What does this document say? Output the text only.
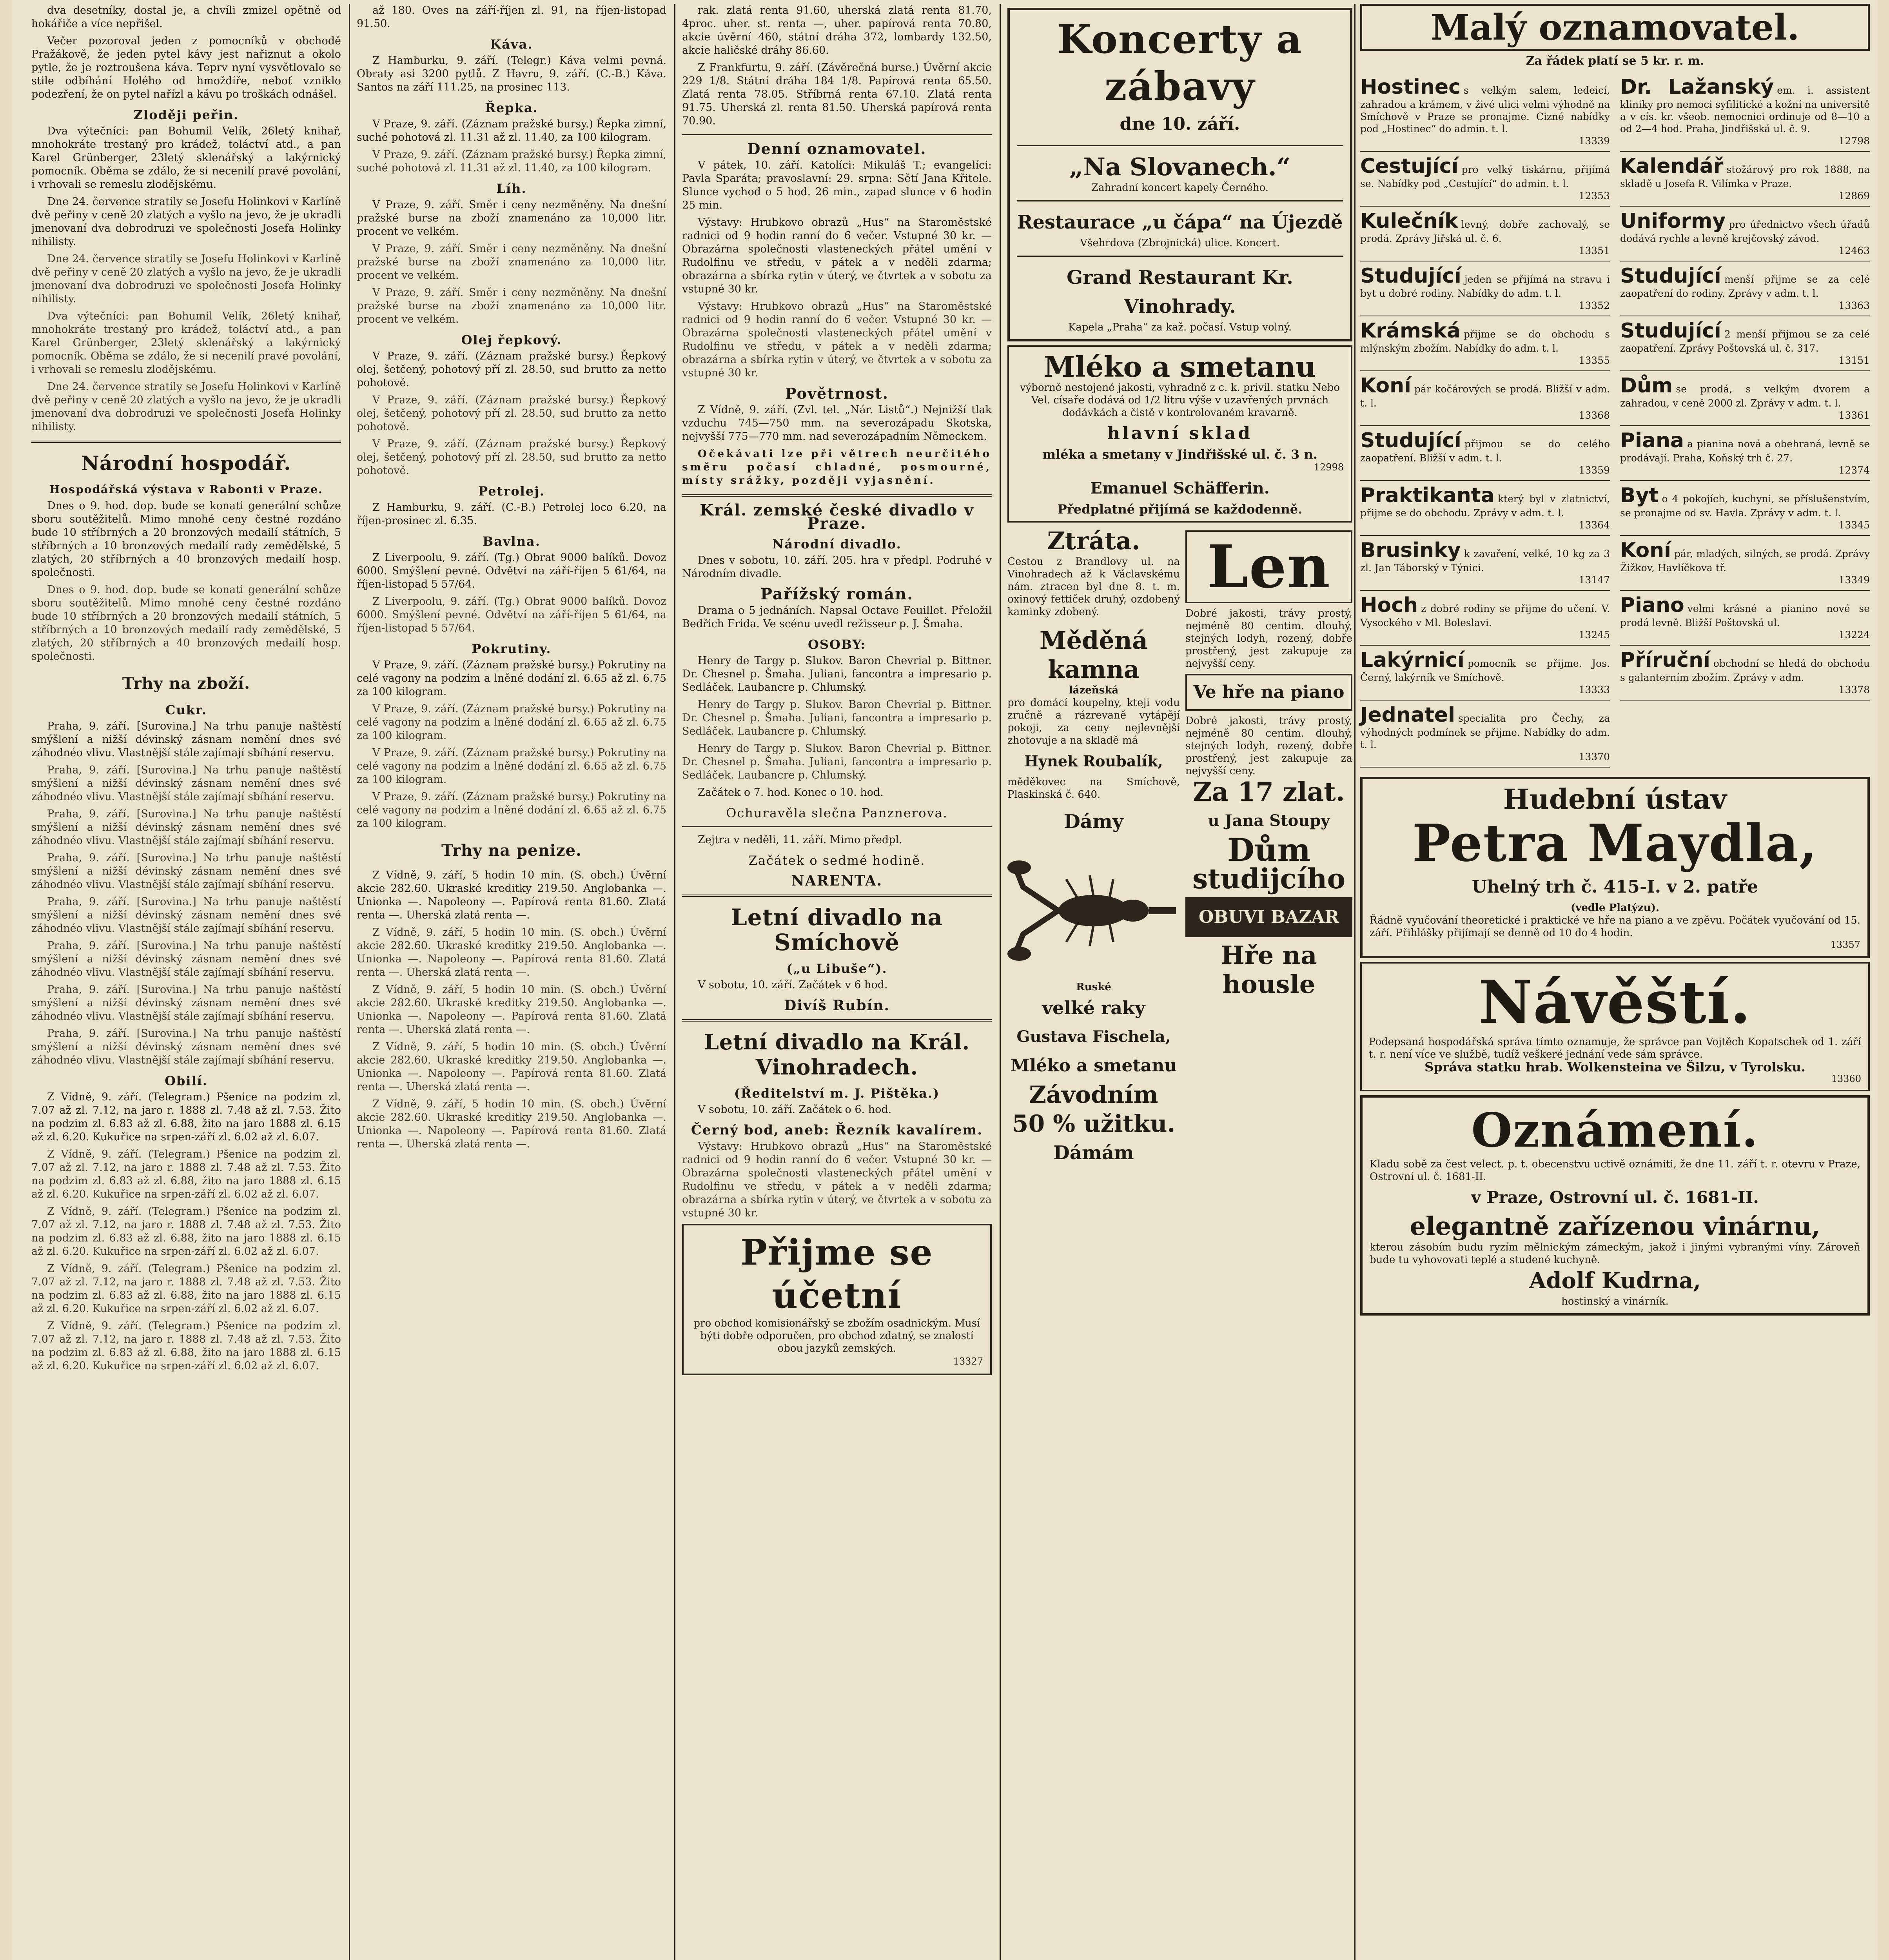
dva desetníky, dostal je, a chvíli zmizel opětně od hokářiče a více nepřišel.

Večer pozoroval jeden z pomocníků v obchodě Pražákově, že jeden pytel kávy jest nařiznut a okolo pytle, že je roztroušena káva. Teprv nyní vysvětlovalo se stile odbíhání Holého od hmoždíře, neboť vzniklo podezření, že on pytel nařízl a kávu po troškách odnášel.

Zloději peřin.

Dva výtečníci: pan Bohumil Velík, 26letý knihař, mnohokráte trestaný pro krádež, toláctví atd., a pan Karel Grünberger, 23letý sklenářský a lakýrnický pomocník. Oběma se zdálo, že si necenilí pravé povolání, i vrhovali se remeslu zlodějskému.

Dne 24. července stratily se Josefu Holinkovi v Karlíně dvě peřiny v ceně 20 zlatých a vyšlo na jevo, že je ukradli jmenovaní dva dobrodruzi ve společnosti Josefa Holinky nihilisty.

Dne 24. července stratily se Josefu Holinkovi v Karlíně dvě peřiny v ceně 20 zlatých a vyšlo na jevo, že je ukradli jmenovaní dva dobrodruzi ve společnosti Josefa Holinky nihilisty.

Dva výtečníci: pan Bohumil Velík, 26letý knihař, mnohokráte trestaný pro krádež, toláctví atd., a pan Karel Grünberger, 23letý sklenářský a lakýrnický pomocník. Oběma se zdálo, že si necenilí pravé povolání, i vrhovali se remeslu zlodějskému.

Dne 24. července stratily se Josefu Holinkovi v Karlíně dvě peřiny v ceně 20 zlatých a vyšlo na jevo, že je ukradli jmenovaní dva dobrodruzi ve společnosti Josefa Holinky nihilisty.

Národní hospodář.
Hospodářská výstava v Rabonti v Praze.

Dnes o 9. hod. dop. bude se konati generální schůze sboru soutěžitelů. Mimo mnohé ceny čestné rozdáno bude 10 stříbrných a 20 bronzových medailí státních, 5 stříbrných a 10 bronzových medailí rady zemědělské, 5 zlatých, 20 stříbrných a 40 bronzových medailí hosp. společnosti.

Dnes o 9. hod. dop. bude se konati generální schůze sboru soutěžitelů. Mimo mnohé ceny čestné rozdáno bude 10 stříbrných a 20 bronzových medailí státních, 5 stříbrných a 10 bronzových medailí rady zemědělské, 5 zlatých, 20 stříbrných a 40 bronzových medailí hosp. společnosti.

Trhy na zboží.
Cukr.

Praha, 9. září. [Surovina.] Na trhu panuje naštěstí smýšlení a nižší dévinský zásnam nemění dnes své záhodnéo vlivu. Vlastnější stále zajímají sbíhání reservu.

Praha, 9. září. [Surovina.] Na trhu panuje naštěstí smýšlení a nižší dévinský zásnam nemění dnes své záhodnéo vlivu. Vlastnější stále zajímají sbíhání reservu.

Praha, 9. září. [Surovina.] Na trhu panuje naštěstí smýšlení a nižší dévinský zásnam nemění dnes své záhodnéo vlivu. Vlastnější stále zajímají sbíhání reservu.

Praha, 9. září. [Surovina.] Na trhu panuje naštěstí smýšlení a nižší dévinský zásnam nemění dnes své záhodnéo vlivu. Vlastnější stále zajímají sbíhání reservu.

Praha, 9. září. [Surovina.] Na trhu panuje naštěstí smýšlení a nižší dévinský zásnam nemění dnes své záhodnéo vlivu. Vlastnější stále zajímají sbíhání reservu.

Praha, 9. září. [Surovina.] Na trhu panuje naštěstí smýšlení a nižší dévinský zásnam nemění dnes své záhodnéo vlivu. Vlastnější stále zajímají sbíhání reservu.

Praha, 9. září. [Surovina.] Na trhu panuje naštěstí smýšlení a nižší dévinský zásnam nemění dnes své záhodnéo vlivu. Vlastnější stále zajímají sbíhání reservu.

Praha, 9. září. [Surovina.] Na trhu panuje naštěstí smýšlení a nižší dévinský zásnam nemění dnes své záhodnéo vlivu. Vlastnější stále zajímají sbíhání reservu.

Obilí.

Z Vídně, 9. září. (Telegram.) Pšenice na podzim zl. 7.07 až zl. 7.12, na jaro r. 1888 zl. 7.48 až zl. 7.53. Žito na podzim zl. 6.83 až zl. 6.88, žito na jaro 1888 zl. 6.15 až zl. 6.20. Kukuřice na srpen-září zl. 6.02 až zl. 6.07.

Z Vídně, 9. září. (Telegram.) Pšenice na podzim zl. 7.07 až zl. 7.12, na jaro r. 1888 zl. 7.48 až zl. 7.53. Žito na podzim zl. 6.83 až zl. 6.88, žito na jaro 1888 zl. 6.15 až zl. 6.20. Kukuřice na srpen-září zl. 6.02 až zl. 6.07.

Z Vídně, 9. září. (Telegram.) Pšenice na podzim zl. 7.07 až zl. 7.12, na jaro r. 1888 zl. 7.48 až zl. 7.53. Žito na podzim zl. 6.83 až zl. 6.88, žito na jaro 1888 zl. 6.15 až zl. 6.20. Kukuřice na srpen-září zl. 6.02 až zl. 6.07.

Z Vídně, 9. září. (Telegram.) Pšenice na podzim zl. 7.07 až zl. 7.12, na jaro r. 1888 zl. 7.48 až zl. 7.53. Žito na podzim zl. 6.83 až zl. 6.88, žito na jaro 1888 zl. 6.15 až zl. 6.20. Kukuřice na srpen-září zl. 6.02 až zl. 6.07.

Z Vídně, 9. září. (Telegram.) Pšenice na podzim zl. 7.07 až zl. 7.12, na jaro r. 1888 zl. 7.48 až zl. 7.53. Žito na podzim zl. 6.83 až zl. 6.88, žito na jaro 1888 zl. 6.15 až zl. 6.20. Kukuřice na srpen-září zl. 6.02 až zl. 6.07.

až 180. Oves na září-říjen zl. 91, na říjen-listopad 91.50.

Káva.

Z Hamburku, 9. září. (Telegr.) Káva velmi pevná. Obraty asi 3200 pytlů. Z Havru, 9. září. (C.-B.) Káva. Santos na září 111.25, na prosinec 113.

Řepka.

V Praze, 9. září. (Záznam pražské bursy.) Řepka zimní, suché pohotová zl. 11.31 až zl. 11.40, za 100 kilogram.

V Praze, 9. září. (Záznam pražské bursy.) Řepka zimní, suché pohotová zl. 11.31 až zl. 11.40, za 100 kilogram.

Líh.

V Praze, 9. září. Směr i ceny nezměněny. Na dnešní pražské burse na zboží znamenáno za 10,000 litr. procent ve velkém.

V Praze, 9. září. Směr i ceny nezměněny. Na dnešní pražské burse na zboží znamenáno za 10,000 litr. procent ve velkém.

V Praze, 9. září. Směr i ceny nezměněny. Na dnešní pražské burse na zboží znamenáno za 10,000 litr. procent ve velkém.

Olej řepkový.

V Praze, 9. září. (Záznam pražské bursy.) Řepkový olej, šetčený, pohotový pří zl. 28.50, sud brutto za netto pohotově.

V Praze, 9. září. (Záznam pražské bursy.) Řepkový olej, šetčený, pohotový pří zl. 28.50, sud brutto za netto pohotově.

V Praze, 9. září. (Záznam pražské bursy.) Řepkový olej, šetčený, pohotový pří zl. 28.50, sud brutto za netto pohotově.

Petrolej.

Z Hamburku, 9. září. (C.-B.) Petrolej loco 6.20, na říjen-prosinec zl. 6.35.

Bavlna.

Z Liverpoolu, 9. září. (Tg.) Obrat 9000 balíků. Dovoz 6000. Smýšlení pevné. Odvětví na září-říjen 5 61/64, na říjen-listopad 5 57/64.

Z Liverpoolu, 9. září. (Tg.) Obrat 9000 balíků. Dovoz 6000. Smýšlení pevné. Odvětví na září-říjen 5 61/64, na říjen-listopad 5 57/64.

Pokrutiny.

V Praze, 9. září. (Záznam pražské bursy.) Pokrutiny na celé vagony na podzim a lněné dodání zl. 6.65 až zl. 6.75 za 100 kilogram.

V Praze, 9. září. (Záznam pražské bursy.) Pokrutiny na celé vagony na podzim a lněné dodání zl. 6.65 až zl. 6.75 za 100 kilogram.

V Praze, 9. září. (Záznam pražské bursy.) Pokrutiny na celé vagony na podzim a lněné dodání zl. 6.65 až zl. 6.75 za 100 kilogram.

V Praze, 9. září. (Záznam pražské bursy.) Pokrutiny na celé vagony na podzim a lněné dodání zl. 6.65 až zl. 6.75 za 100 kilogram.

Trhy na penize.

Z Vídně, 9. září, 5 hodin 10 min. (S. obch.) Úvěrní akcie 282.60. Ukraské kreditky 219.50. Anglobanka —. Unionka —. Napoleony —. Papírová renta 81.60. Zlatá renta —. Uherská zlatá renta —.

Z Vídně, 9. září, 5 hodin 10 min. (S. obch.) Úvěrní akcie 282.60. Ukraské kreditky 219.50. Anglobanka —. Unionka —. Napoleony —. Papírová renta 81.60. Zlatá renta —. Uherská zlatá renta —.

Z Vídně, 9. září, 5 hodin 10 min. (S. obch.) Úvěrní akcie 282.60. Ukraské kreditky 219.50. Anglobanka —. Unionka —. Napoleony —. Papírová renta 81.60. Zlatá renta —. Uherská zlatá renta —.

Z Vídně, 9. září, 5 hodin 10 min. (S. obch.) Úvěrní akcie 282.60. Ukraské kreditky 219.50. Anglobanka —. Unionka —. Napoleony —. Papírová renta 81.60. Zlatá renta —. Uherská zlatá renta —.

Z Vídně, 9. září, 5 hodin 10 min. (S. obch.) Úvěrní akcie 282.60. Ukraské kreditky 219.50. Anglobanka —. Unionka —. Napoleony —. Papírová renta 81.60. Zlatá renta —. Uherská zlatá renta —.

rak. zlatá renta 91.60, uherská zlatá renta 81.70, 4proc. uher. st. renta —, uher. papírová renta 70.80, akcie úvěrní 460, státní dráha 372, lombardy 132.50, akcie haličské dráhy 86.60.

Z Frankfurtu, 9. září. (Závěrečná burse.) Úvěrní akcie 229 1/8. Státní dráha 184 1/8. Papírová renta 65.50. Zlatá renta 78.05. Stříbrná renta 67.10. Zlatá renta 91.75. Uherská zl. renta 81.50. Uherská papírová renta 70.90.

Denní oznamovatel.

V pátek, 10. září. Katolíci: Mikuláš T.; evangelíci: Pavla Sparáta; pravoslavní: 29. srpna: Sětí Jana Křitele. Slunce vychod o 5 hod. 26 min., zapad slunce v 6 hodin 25 min.

Výstavy: Hrubkovo obrazů „Hus“ na Staroměstské radnici od 9 hodin ranní do 6 večer. Vstupné 30 kr. — Obrazárna společnosti vlasteneckých přátel umění v Rudolfinu ve středu, v pátek a v neděli zdarma; obrazárna a sbírka rytin v úterý, ve čtvrtek a v sobotu za vstupné 30 kr.

Výstavy: Hrubkovo obrazů „Hus“ na Staroměstské radnici od 9 hodin ranní do 6 večer. Vstupné 30 kr. — Obrazárna společnosti vlasteneckých přátel umění v Rudolfinu ve středu, v pátek a v neděli zdarma; obrazárna a sbírka rytin v úterý, ve čtvrtek a v sobotu za vstupné 30 kr.

Povětrnost.

Z Vídně, 9. září. (Zvl. tel. „Nár. Listů“.) Nejnižší tlak vzduchu 745—750 mm. na severozápadu Skotska, nejvyšší 775—770 mm. nad severozápadním Německem.

Očekávati lze při větrech neurčitého směru počasí chladné, posmourné, místy srážky, později vyjasnění.

Král. zemské české divadlo v Praze.
Národní divadlo.

Dnes v sobotu, 10. září. 205. hra v předpl. Podruhé v Národním divadle.

Pařížský román.

Drama o 5 jednáních. Napsal Octave Feuillet. Přeložil Bedřich Frida. Ve scénu uvedl režisseur p. J. Šmaha.

OSOBY:

Henry de Targy p. Slukov. Baron Chevrial p. Bittner. Dr. Chesnel p. Šmaha. Juliani, fancontra a impresario p. Sedláček. Laubancre p. Chlumský.

Henry de Targy p. Slukov. Baron Chevrial p. Bittner. Dr. Chesnel p. Šmaha. Juliani, fancontra a impresario p. Sedláček. Laubancre p. Chlumský.

Henry de Targy p. Slukov. Baron Chevrial p. Bittner. Dr. Chesnel p. Šmaha. Juliani, fancontra a impresario p. Sedláček. Laubancre p. Chlumský.

Začátek o 7. hod. Konec o 10. hod.

Ochuravěla slečna Panznerova.

Zejtra v neděli, 11. září. Mimo předpl.

Začátek o sedmé hodině.
NARENTA.
Letní divadlo na Smíchově
(„u Libuše“).

V sobotu, 10. září. Začátek v 6 hod.

Divíš Rubín.
Letní divadlo na Král. Vinohradech.
(Ředitelství m. J. Pištěka.)

V sobotu, 10. září. Začátek o 6. hod.

Černý bod, aneb: Řezník kavalírem.

Výstavy: Hrubkovo obrazů „Hus“ na Staroměstské radnici od 9 hodin ranní do 6 večer. Vstupné 30 kr. — Obrazárna společnosti vlasteneckých přátel umění v Rudolfinu ve středu, v pátek a v neděli zdarma; obrazárna a sbírka rytin v úterý, ve čtvrtek a v sobotu za vstupné 30 kr.

Přijme se účetní
pro obchod komisionářský se zbožím osadnickým. Musí býti dobře odporučen, pro obchod zdatný, se znalostí obou jazyků zemských.
13327
Koncerty a zábavy
dne 10. září.
„Na Slovanech.“
Zahradní koncert kapely Černého.
Restaurace „u čápa“ na Újezdě
Všehrdova (Zbrojnická) ulice. Koncert.
Grand Restaurant Kr. Vinohrady.
Kapela „Praha“ za kaž. počasí. Vstup volný.
Mléko a smetanu
výborně nestojené jakosti, vyhradně z c. k. privil. statku Nebo Vel. císaře dodává od 1/2 litru výše v uzavřených prvnách dodávkách a čistě v kontrolovaném kravarně.
hlavní sklad
mléka a smetany v Jindřišské ul. č. 3 n.
12998
Emanuel Schäfferin.
Předplatné přijímá se každodenně.
Ztráta.
Cestou z Brandlovy ul. na Vinohradech až k Václavskému nám. ztracen byl dne 8. t. m. oxinový fettiček druhý, ozdobený kaminky zdobený.
Měděná kamna
lázeňská
pro domácí koupelny, kteji vodu zručně a rázrevaně vytápějí pokoji, za ceny nejlevnější zhotovuje a na skladě má
Hynek Roubalík,
měděkovec na Smíchově, Plaskinská č. 640.
Dámy
Ruské
velké raky
Gustava Fischela,
Mléko a smetanu
Závodním
50 % užitku.
Dámám
Len
Dobré jakosti, trávy prostý, nejméně 80 centim. dlouhý, stejných lodyh, rozený, dobře prostřený, jest zakupuje za nejvyšší ceny.
Ve hře na piano
Dobré jakosti, trávy prostý, nejméně 80 centim. dlouhý, stejných lodyh, rozený, dobře prostřený, jest zakupuje za nejvyšší ceny.
Za 17 zlat.
u Jana Stoupy
Dům
studijcího
OBUVI BAZAR
Hře na housle
Malý oznamovatel.
Za řádek platí se 5 kr. r. m.
Hostinec s velkým salem, ledeicí, zahradou a krámem, v živé ulici velmi výhodně na Smíchově v Praze se pronajme. Cizné nabídky pod „Hostinec“ do admin. t. l.
13339
Dr. Lažanský em. i. assistent kliniky pro nemoci syfilitické a kožní na universitě a v cís. kr. všeob. nemocnici ordinuje od 8—10 a od 2—4 hod. Praha, Jindřišská ul. č. 9.
12798
Cestující pro velký tiskárnu, přijímá se. Nabídky pod „Cestující“ do admin. t. l.
12353
Kalendář stožárový pro rok 1888, na skladě u Josefa R. Vilímka v Praze.
12869
Kulečník levný, dobře zachovalý, se prodá. Zprávy Jiřská ul. č. 6.
13351
Uniformy pro úřednictvo všech úřadů dodává rychle a levně krejčovský závod.
12463
Studující jeden se přijímá na stravu i byt u dobré rodiny. Nabídky do adm. t. l.
13352
Studující menší přijme se za celé zaopatření do rodiny. Zprávy v adm. t. l.
13363
Krámská přijme se do obchodu s mlýnským zbožím. Nabídky do adm. t. l.
13355
Studující 2 menší přijmou se za celé zaopatření. Zprávy Poštovská ul. č. 317.
13151
Koní pár kočárových se prodá. Bližší v adm. t. l.
13368
Dům se prodá, s velkým dvorem a zahradou, v ceně 2000 zl. Zprávy v adm. t. l.
13361
Studující přijmou se do celého zaopatření. Bližší v adm. t. l.
13359
Piana a pianina nová a obehraná, levně se prodávají. Praha, Koňský trh č. 27.
12374
Praktikanta který byl v zlatnictví, přijme se do obchodu. Zprávy v adm. t. l.
13364
Byt o 4 pokojích, kuchyni, se příslušenstvím, se pronajme od sv. Havla. Zprávy v adm. t. l.
13345
Brusinky k zavaření, velké, 10 kg za 3 zl. Jan Táborský v Týnici.
13147
Koní pár, mladých, silných, se prodá. Zprávy Žižkov, Havlíčkova tř.
13349
Hoch z dobré rodiny se přijme do učení. V. Vysockého v Ml. Boleslavi.
13245
Piano velmi krásné a pianino nové se prodá levně. Bližší Poštovská ul.
13224
Lakýrnicí pomocník se přijme. Jos. Černý, lakýrník ve Smíchově.
13333
Příruční obchodní se hledá do obchodu s galanterním zbožím. Zprávy v adm.
13378
Jednatel specialita pro Čechy, za výhodných podmínek se přijme. Nabídky do adm. t. l.
13370
Hudební ústav
Petra Maydla,
Uhelný trh č. 415-I. v 2. patře
(vedle Platýzu).
Řádně vyučování theoretické i praktické ve hře na piano a ve zpěvu. Počátek vyučování od 15. září. Přihlášky přijímají se denně od 10 do 4 hodin.
13357
Návěští.
Podepsaná hospodářská správa tímto oznamuje, že správce pan Vojtěch Kopatschek od 1. září t. r. není více ve službě, tudíž veškeré jednání vede sám správce.
Správa statku hrab. Wolkensteina ve Šilzu, v Tyrolsku.
13360
Oznámení.
Kladu sobě za čest velect. p. t. obecenstvu uctivě oznámiti, že dne 11. září t. r. otevru v Praze, Ostrovní ul. č. 1681-II.
v Praze, Ostrovní ul. č. 1681-II.
elegantně zařízenou vinárnu,
kterou zásobím budu ryzím mělnickým zámeckým, jakož i jinými vybranými víny. Zároveň bude tu vyhovovati teplé a studené kuchyně.
Adolf Kudrna,
hostinský a vinárník.
